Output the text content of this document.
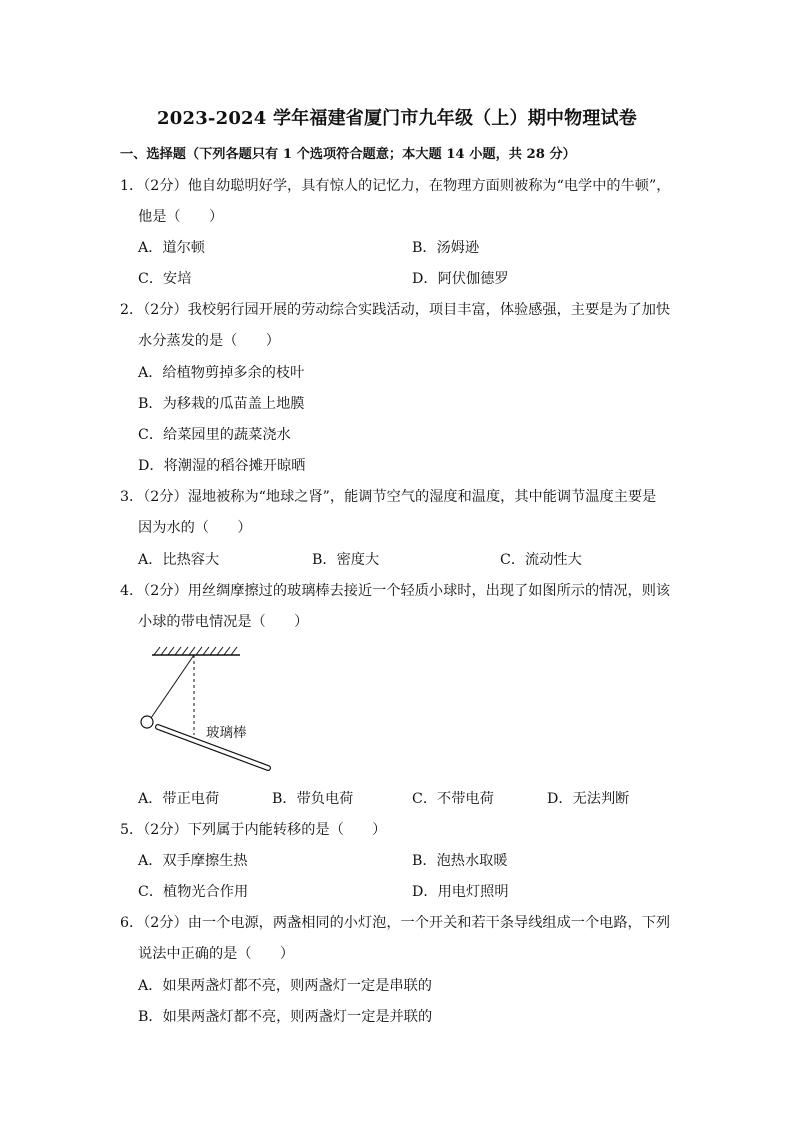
2023-2024 学年福建省厦门市九年级（上）期中物理试卷
一、选择题（下列各题只有 1 个选项符合题意；本大题 14 小题，共 28 分）
1．（2分）他自幼聪明好学，具有惊人的记忆力，在物理方面则被称为“电学中的牛顿”，
他是（　　）
A．道尔顿	B．汤姆逊
C．安培	D．阿伏伽德罗
2．（2分）我校躬行园开展的劳动综合实践活动，项目丰富，体验感强，主要是为了加快
水分蒸发的是（　　）
A．给植物剪掉多余的枝叶
B．为移栽的瓜苗盖上地膜
C．给菜园里的蔬菜浇水
D．将潮湿的稻谷摊开晾晒
3．（2分）湿地被称为“地球之肾”，能调节空气的湿度和温度，其中能调节温度主要是
因为水的（　　）
A．比热容大	B．密度大	C．流动性大
4．（2分）用丝绸摩擦过的玻璃棒去接近一个轻质小球时，出现了如图所示的情况，则该
小球的带电情况是（　　）
玻璃棒
A．带正电荷	B．带负电荷	C．不带电荷	D．无法判断
5．（2分）下列属于内能转移的是（　　）
A．双手摩擦生热	B．泡热水取暖
C．植物光合作用	D．用电灯照明
6．（2分）由一个电源，两盏相同的小灯泡，一个开关和若干条导线组成一个电路，下列
说法中正确的是（　　）
A．如果两盏灯都不亮，则两盏灯一定是串联的
B．如果两盏灯都不亮，则两盏灯一定是并联的
